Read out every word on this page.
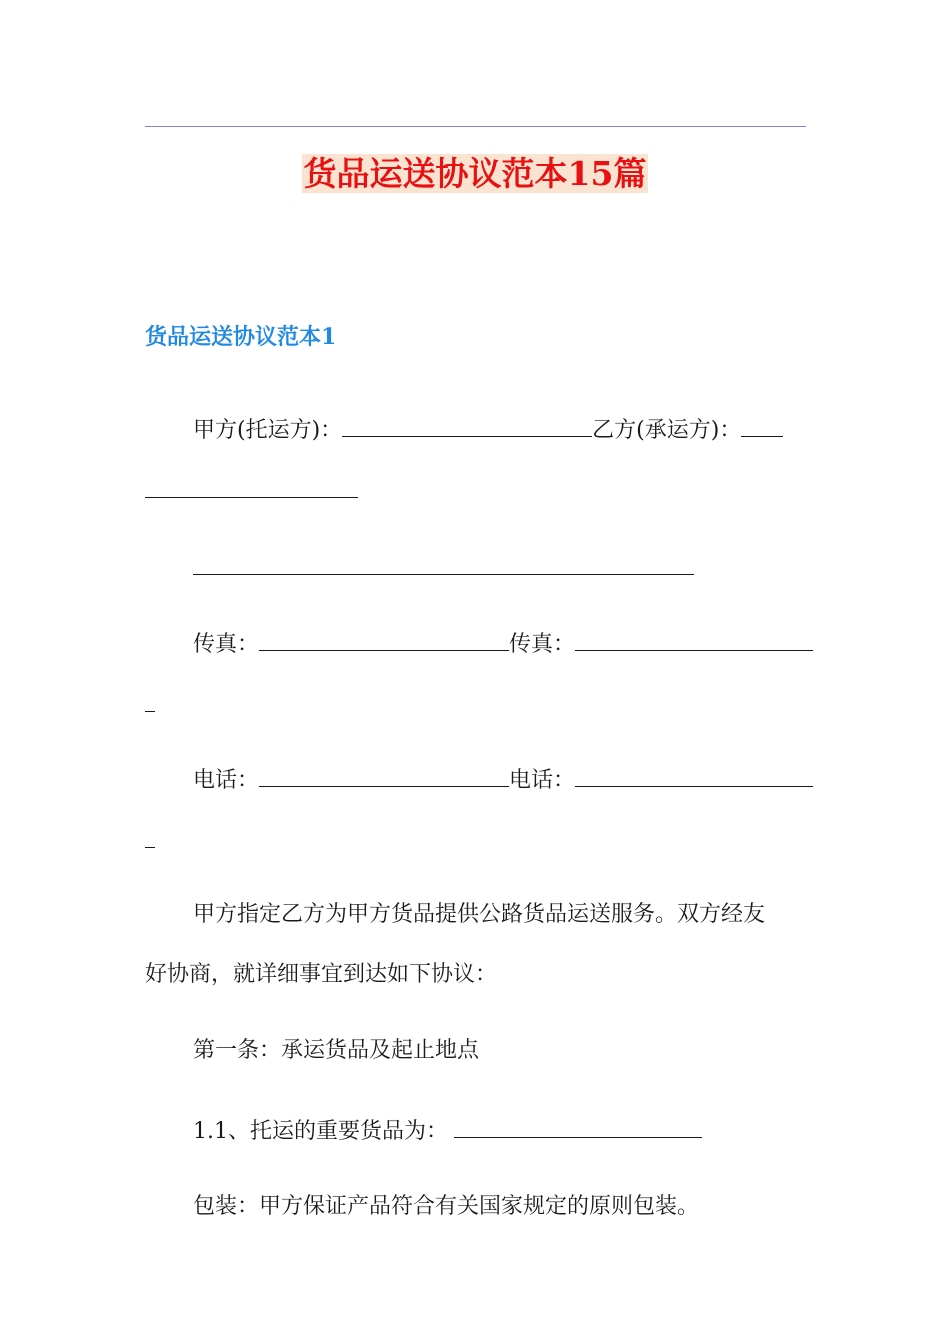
货品运送协议范本15篇
货品运送协议范本1
甲方(托运方)：	乙方(承运方)：
传真：	传真：
电话：	电话：
甲方指定乙方为甲方货品提供公路货品运送服务。双方经友
好协商，就详细事宜到达如下协议：
第一条：承运货品及起止地点
1.1、托运的重要货品为：
包装：甲方保证产品符合有关国家规定的原则包装。
